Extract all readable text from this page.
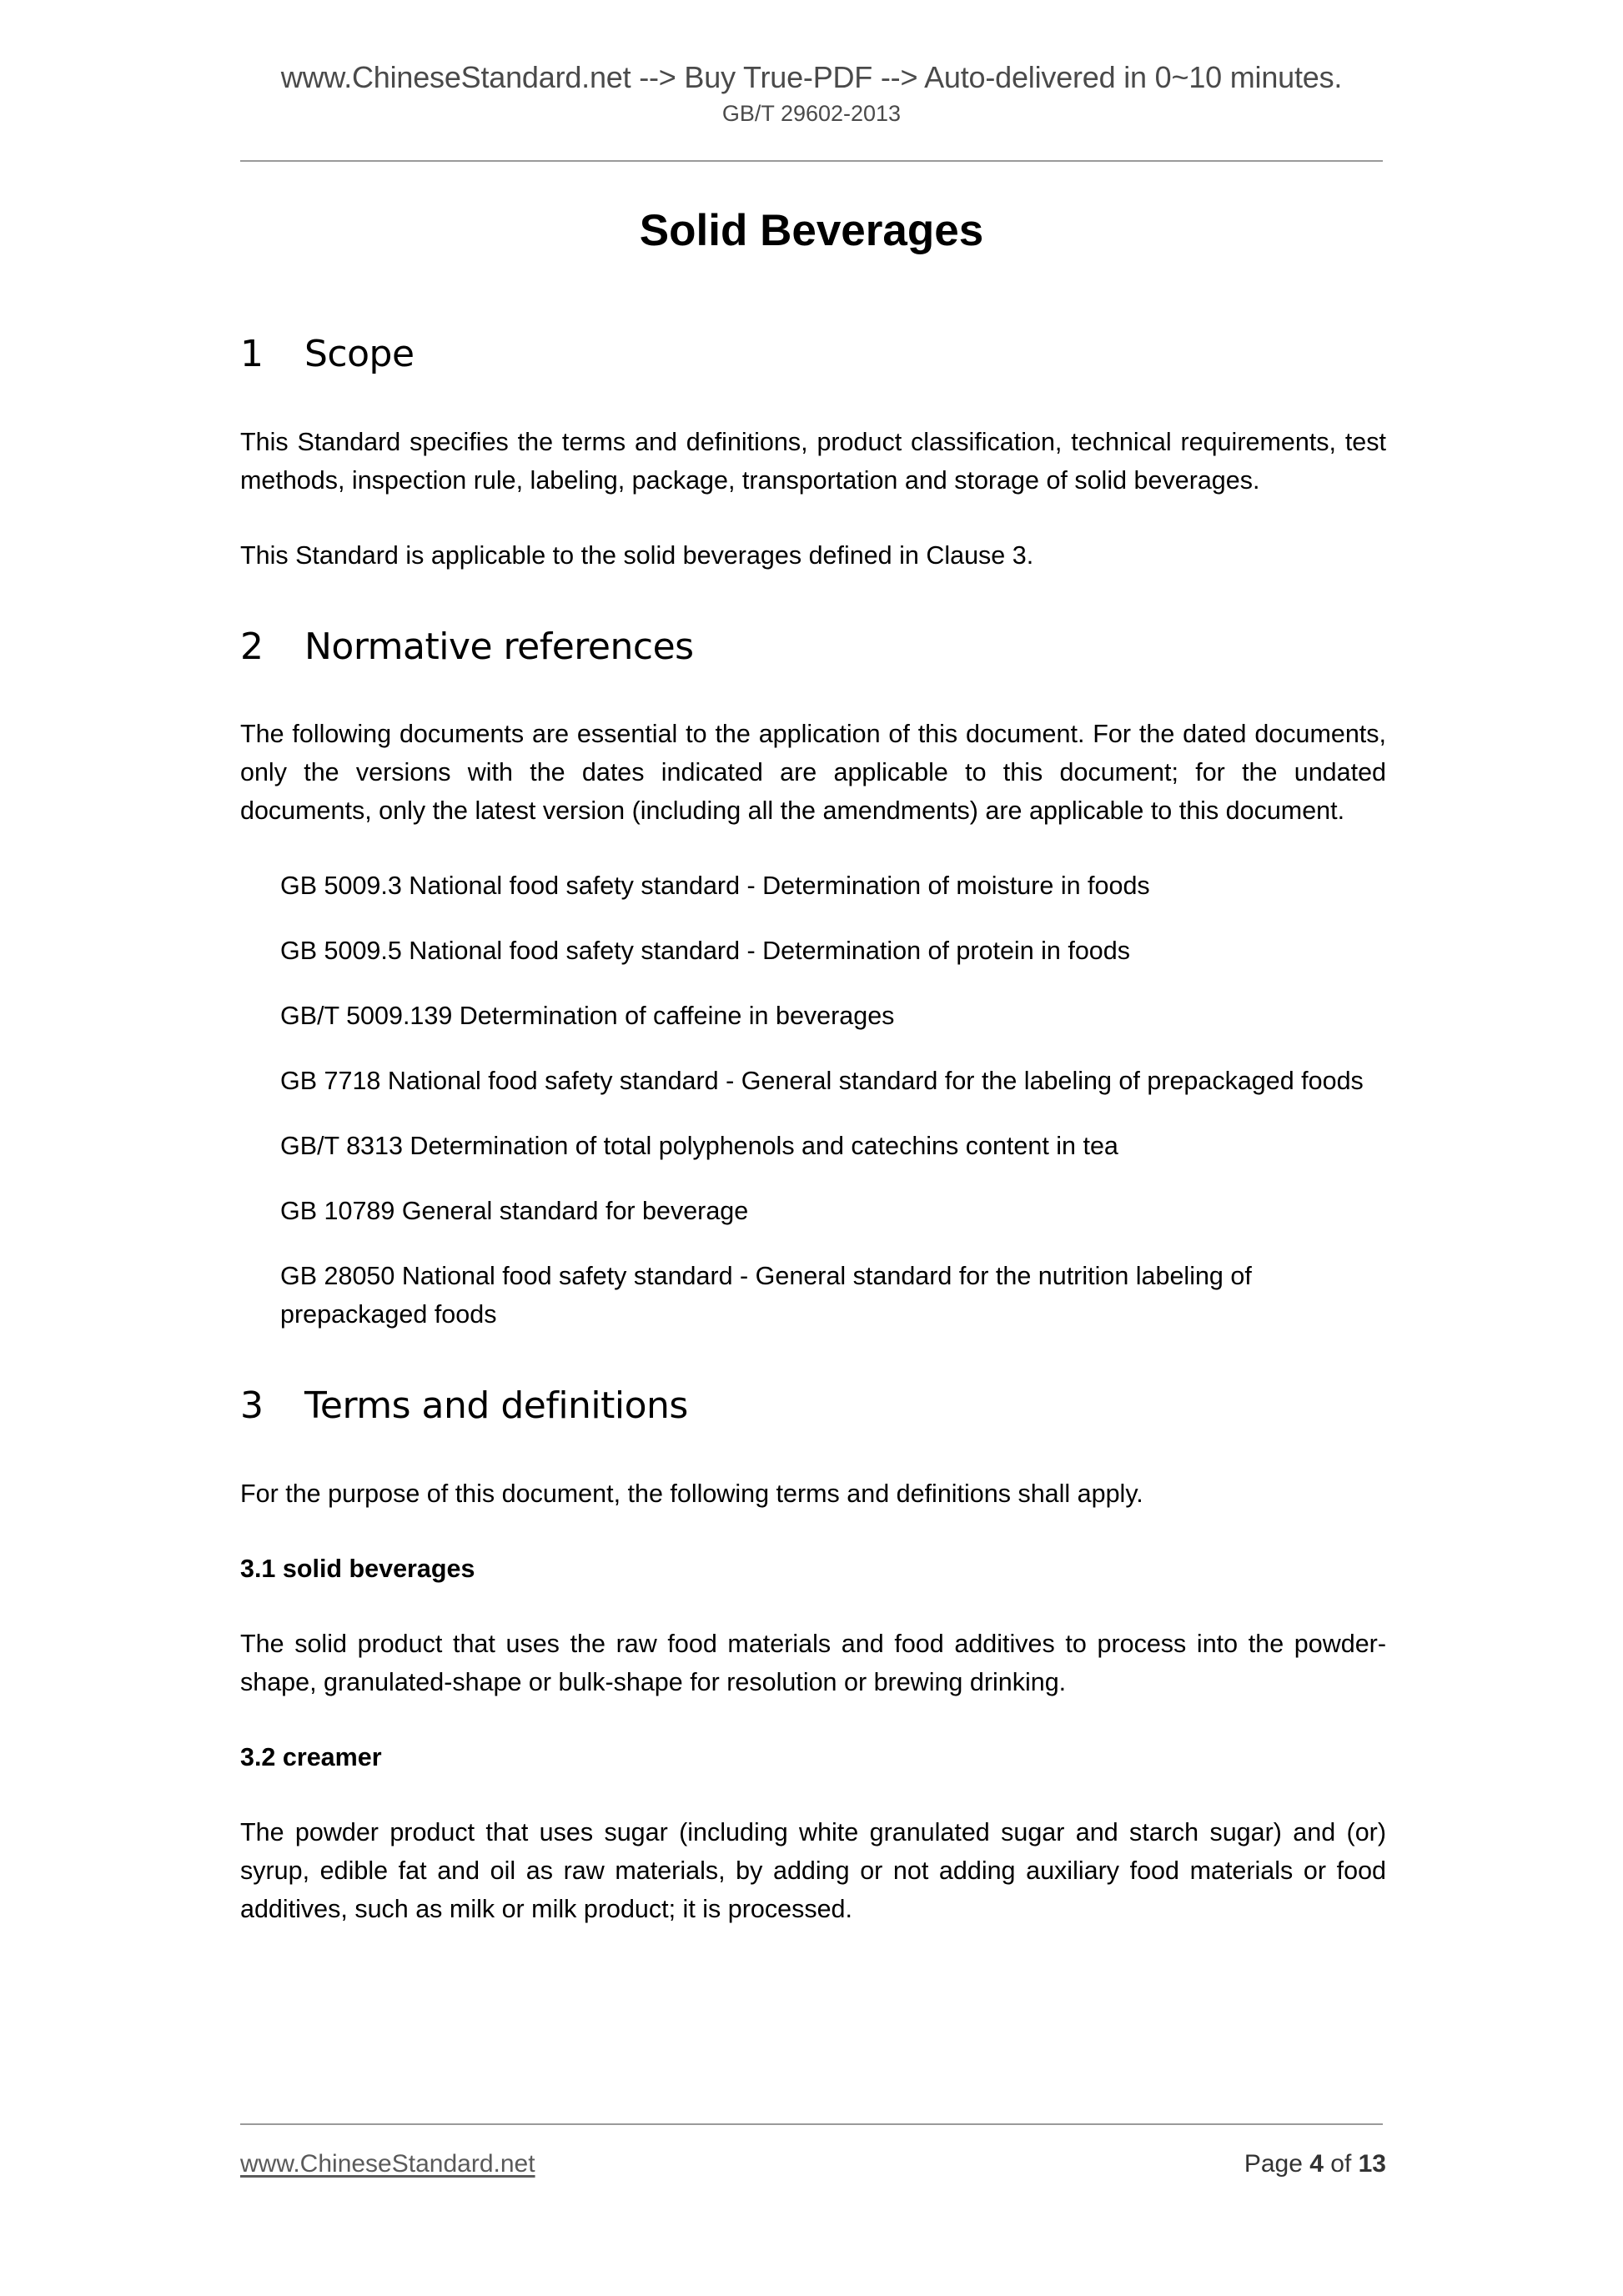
www.ChineseStandard.net --> Buy True-PDF --> Auto-delivered in 0~10 minutes.
GB/T 29602-2013
Solid Beverages
1 Scope

This Standard specifies the terms and definitions, product classification, technical requirements, test methods, inspection rule, labeling, package, transportation and storage of solid beverages.

This Standard is applicable to the solid beverages defined in Clause 3.

2 Normative references

The following documents are essential to the application of this document. For the dated documents, only the versions with the dates indicated are applicable to this document; for the undated documents, only the latest version (including all the amendments) are applicable to this document.

GB 5009.3 National food safety standard - Determination of moisture in foods

GB 5009.5 National food safety standard - Determination of protein in foods

GB/T 5009.139 Determination of caffeine in beverages

GB 7718 National food safety standard - General standard for the labeling of prepackaged foods

GB/T 8313 Determination of total polyphenols and catechins content in tea

GB 10789 General standard for beverage

GB 28050 National food safety standard - General standard for the nutrition labeling of prepackaged foods

3 Terms and definitions

For the purpose of this document, the following terms and definitions shall apply.

3.1 solid beverages

The solid product that uses the raw food materials and food additives to process into the powder-shape, granulated-shape or bulk-shape for resolution or brewing drinking.

3.2 creamer

The powder product that uses sugar (including white granulated sugar and starch sugar) and (or) syrup, edible fat and oil as raw materials, by adding or not adding auxiliary food materials or food additives, such as milk or milk product; it is processed.

www.ChineseStandard.net	Page 4 of 13
